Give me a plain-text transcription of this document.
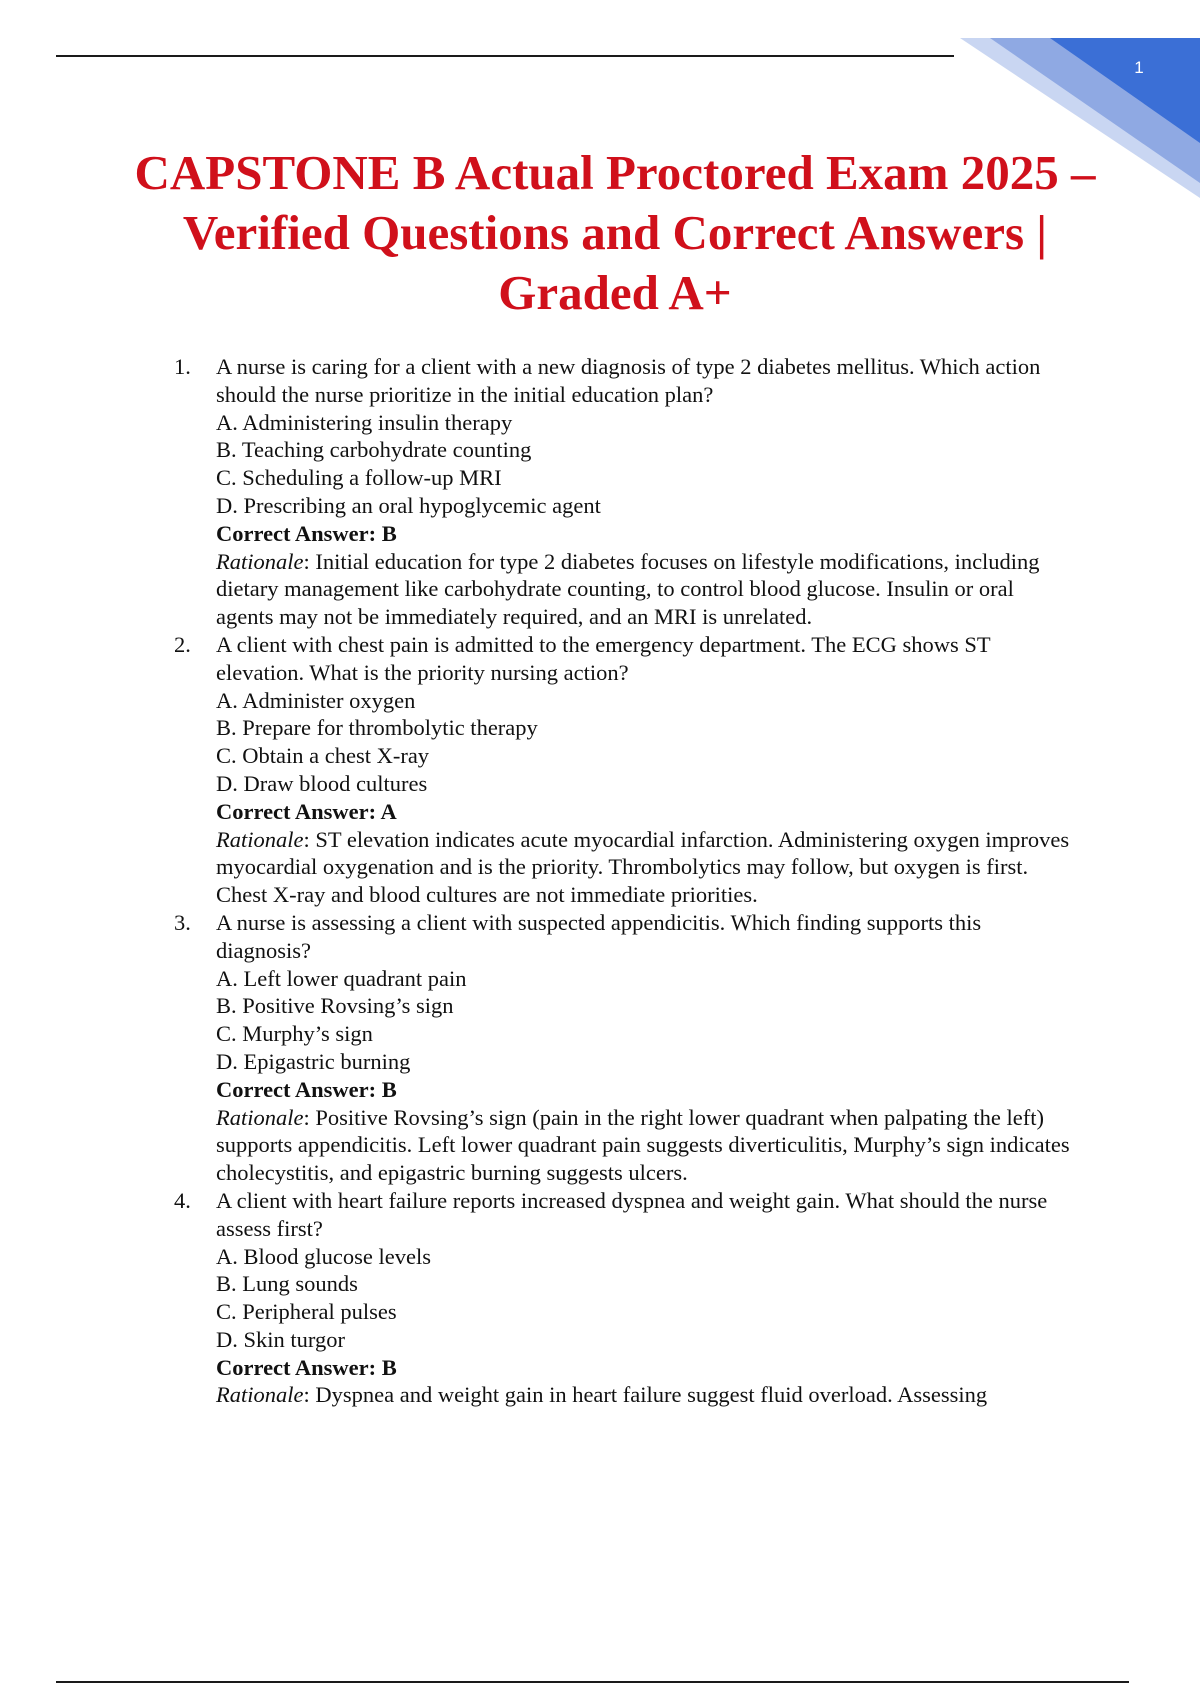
1
CAPSTONE B Actual Proctored Exam 2025 – Verified Questions and Correct Answers | Graded A+
1. A nurse is caring for a client with a new diagnosis of type 2 diabetes mellitus. Which action should the nurse prioritize in the initial education plan?
A. Administering insulin therapy
B. Teaching carbohydrate counting
C. Scheduling a follow-up MRI
D. Prescribing an oral hypoglycemic agent
Correct Answer: B
Rationale: Initial education for type 2 diabetes focuses on lifestyle modifications, including dietary management like carbohydrate counting, to control blood glucose. Insulin or oral agents may not be immediately required, and an MRI is unrelated.
2. A client with chest pain is admitted to the emergency department. The ECG shows ST elevation. What is the priority nursing action?
A. Administer oxygen
B. Prepare for thrombolytic therapy
C. Obtain a chest X-ray
D. Draw blood cultures
Correct Answer: A
Rationale: ST elevation indicates acute myocardial infarction. Administering oxygen improves myocardial oxygenation and is the priority. Thrombolytics may follow, but oxygen is first. Chest X-ray and blood cultures are not immediate priorities.
3. A nurse is assessing a client with suspected appendicitis. Which finding supports this diagnosis?
A. Left lower quadrant pain
B. Positive Rovsing’s sign
C. Murphy’s sign
D. Epigastric burning
Correct Answer: B
Rationale: Positive Rovsing’s sign (pain in the right lower quadrant when palpating the left) supports appendicitis. Left lower quadrant pain suggests diverticulitis, Murphy’s sign indicates cholecystitis, and epigastric burning suggests ulcers.
4. A client with heart failure reports increased dyspnea and weight gain. What should the nurse assess first?
A. Blood glucose levels
B. Lung sounds
C. Peripheral pulses
D. Skin turgor
Correct Answer: B
Rationale: Dyspnea and weight gain in heart failure suggest fluid overload. Assessing
